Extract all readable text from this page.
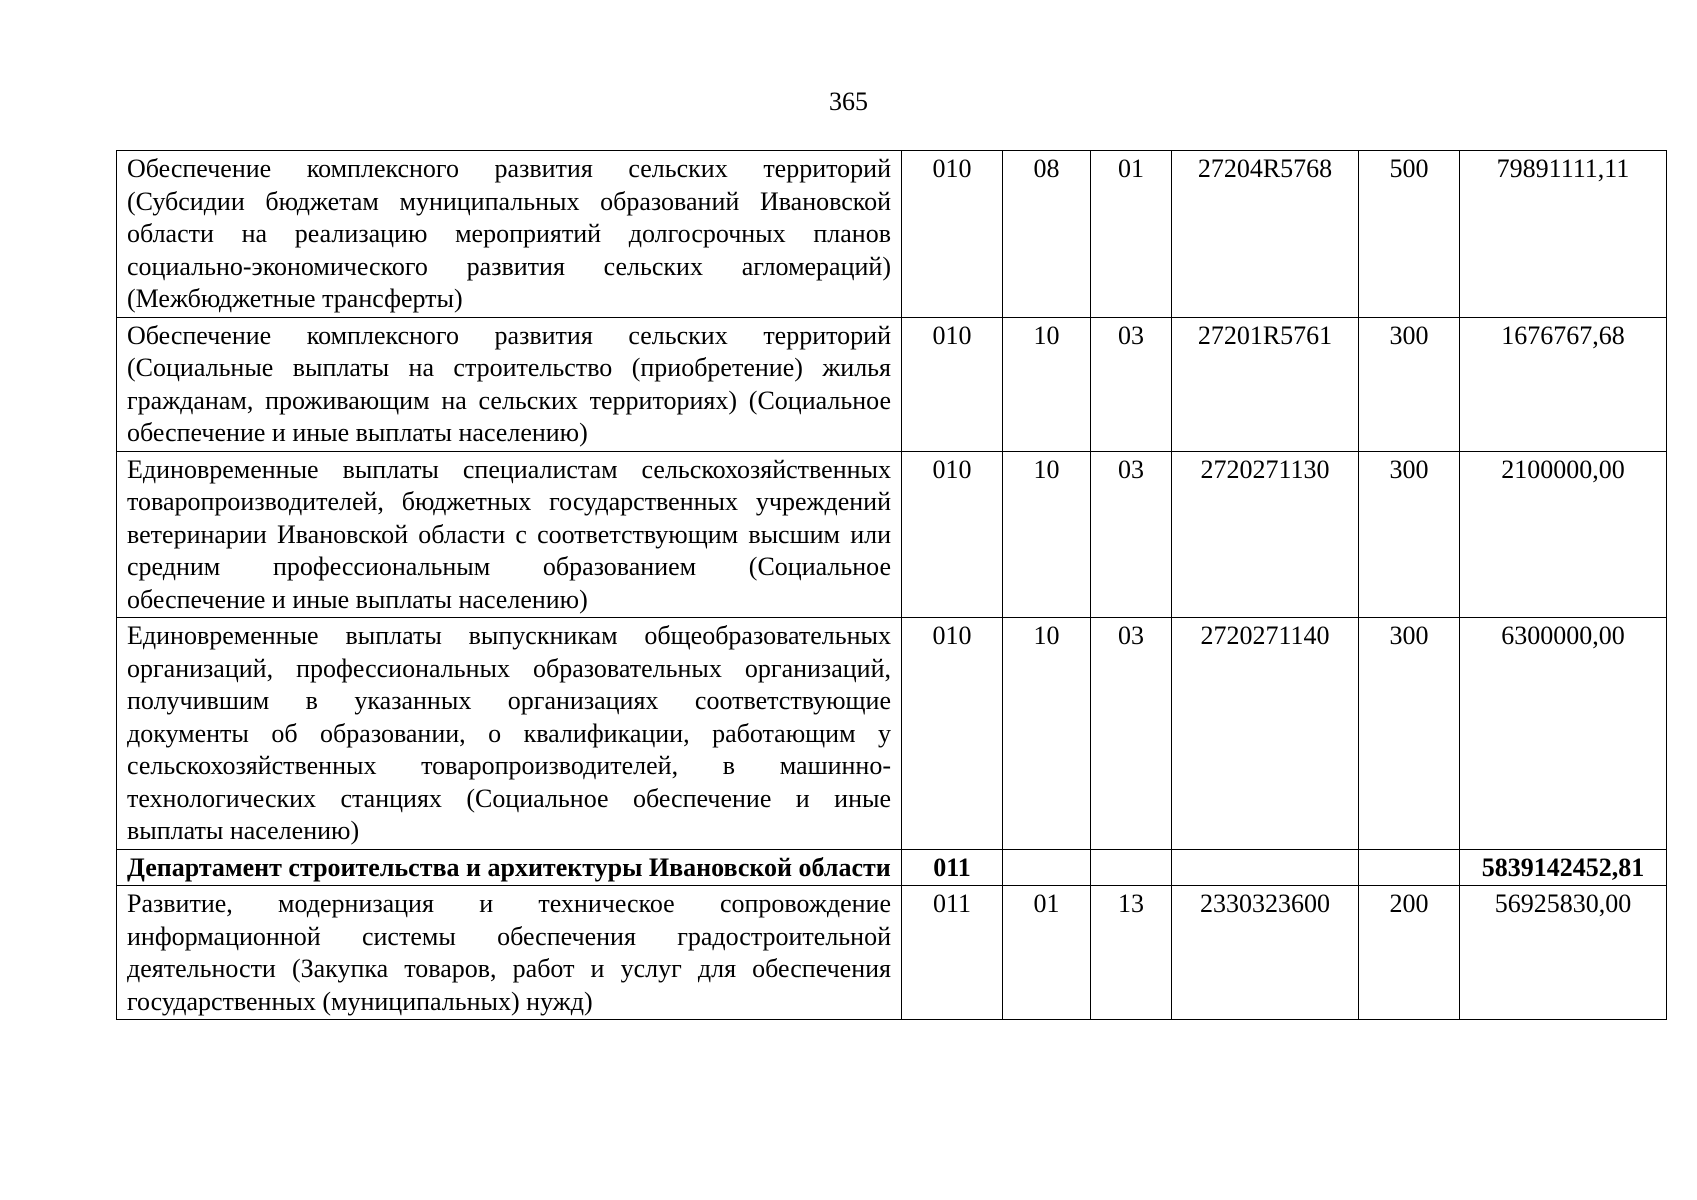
365
Обеспечение комплексного развития сельских территорий (Субсидии бюджетам муниципальных образований Ивановской области на реализацию мероприятий долгосрочных планов социально-экономического развития сельских агломераций) (Межбюджетные трансферты)	010	08	01	27204R5768	500	79891111,11
Обеспечение комплексного развития сельских территорий (Социальные выплаты на строительство (приобретение) жилья гражданам, проживающим на сельских территориях) (Социальное обеспечение и иные выплаты населению)	010	10	03	27201R5761	300	1676767,68
Единовременные выплаты специалистам сельскохозяйственных товаропроизводителей, бюджетных государственных учреждений ветеринарии Ивановской области с соответствующим высшим или средним профессиональным образованием (Социальное обеспечение и иные выплаты населению)	010	10	03	2720271130	300	2100000,00
Единовременные выплаты выпускникам общеобразовательных организаций, профессиональных образовательных организаций, получившим в указанных организациях соответствующие документы об образовании, о квалификации, работающим у сельскохозяйственных товаропроизводителей, в машинно-технологических станциях (Социальное обеспечение и иные выплаты населению)	010	10	03	2720271140	300	6300000,00
Департамент строительства и архитектуры Ивановской области	011					5839142452,81
Развитие, модернизация и техническое сопровождение информационной системы обеспечения градостроительной деятельности (Закупка товаров, работ и услуг для обеспечения государственных (муниципальных) нужд)	011	01	13	2330323600	200	56925830,00
